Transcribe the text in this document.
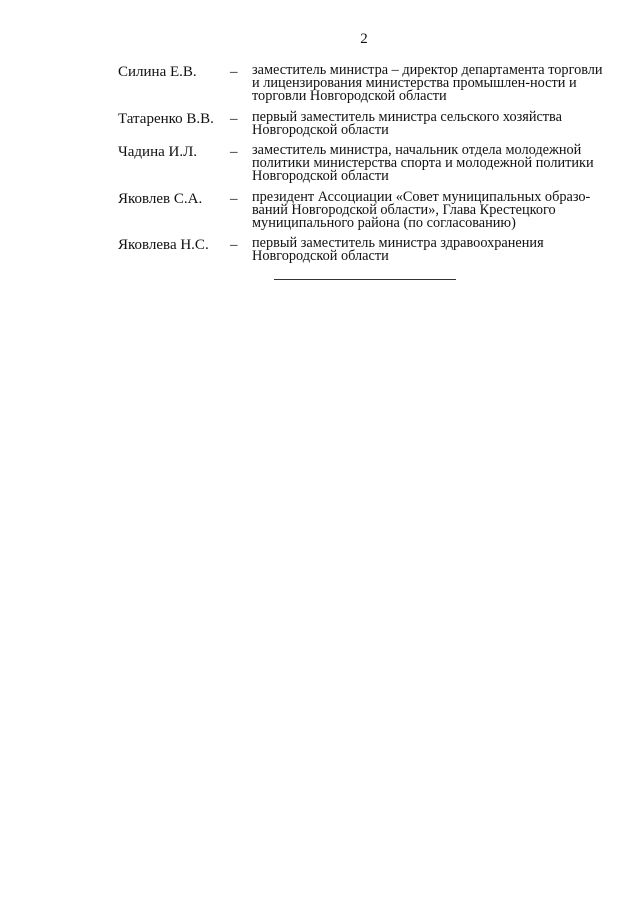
2
Силина Е.В.	–	заместитель министра – директор департамента торговли и лицензирования министерства промышлен-ности и торговли Новгородской области
Татаренко В.В.	–	первый заместитель министра сельского хозяйства Новгородской области
Чадина И.Л.	–	заместитель министра, начальник отдела молодежной политики министерства спорта и молодежной политики Новгородской области
Яковлев С.А.	–	президент Ассоциации «Совет муниципальных образо-ваний Новгородской области», Глава Крестецкого муниципального района (по согласованию)
Яковлева Н.С.	–	первый заместитель министра здравоохранения Новгородской области
